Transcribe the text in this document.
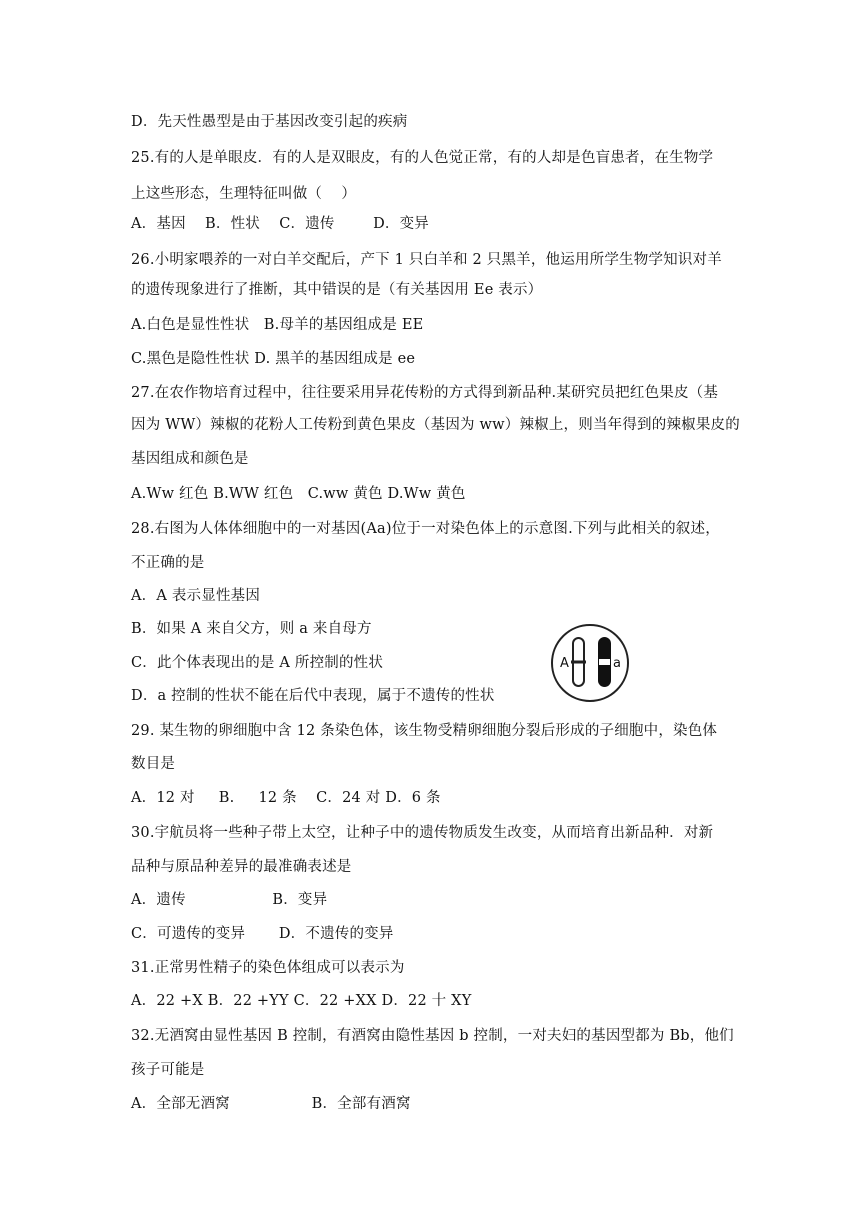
D．先天性愚型是由于基因改变引起的疾病
25.有的人是单眼皮．有的人是双眼皮，有的人色觉正常，有的人却是色盲患者，在生物学
上这些形态，生理特征叫做（    ）
A．基因    B．性状    C．遗传        D．变异
26.小明家喂养的一对白羊交配后，产下 1 只白羊和 2 只黑羊，他运用所学生物学知识对羊
的遗传现象进行了推断，其中错误的是（有关基因用 Ee 表示）
A.白色是显性性状   B.母羊的基因组成是 EE
C.黑色是隐性性状 D. 黑羊的基因组成是 ee
27.在农作物培育过程中，往往要采用异花传粉的方式得到新品种.某研究员把红色果皮（基
因为 WW）辣椒的花粉人工传粉到黄色果皮（基因为 ww）辣椒上，则当年得到的辣椒果皮的
基因组成和颜色是
A.Ww 红色 B.WW 红色   C.ww 黄色 D.Ww 黄色
28.右图为人体体细胞中的一对基因(Aa)位于一对染色体上的示意图.下列与此相关的叙述，
不正确的是
A．A 表示显性基因
B．如果 A 来自父方，则 a 来自母方
C．此个体表现出的是 A 所控制的性状
D．a 控制的性状不能在后代中表现，属于不遗传的性状
29. 某生物的卵细胞中含 12 条染色体，该生物受精卵细胞分裂后形成的子细胞中，染色体
数目是
A．12 对     B.     12 条    C．24 对 D．6 条
30.宇航员将一些种子带上太空，让种子中的遗传物质发生改变，从而培育出新品种．对新
品种与原品种差异的最准确表述是
A．遗传                  B．变异
C．可遗传的变异       D．不遗传的变异
31.正常男性精子的染色体组成可以表示为
A．22 +X B．22 +YY C．22 +XX D．22 十 XY
32.无酒窝由显性基因 B 控制，有酒窝由隐性基因 b 控制，一对夫妇的基因型都为 Bb，他们
孩子可能是
A．全部无酒窝                 B．全部有酒窝
A	a
